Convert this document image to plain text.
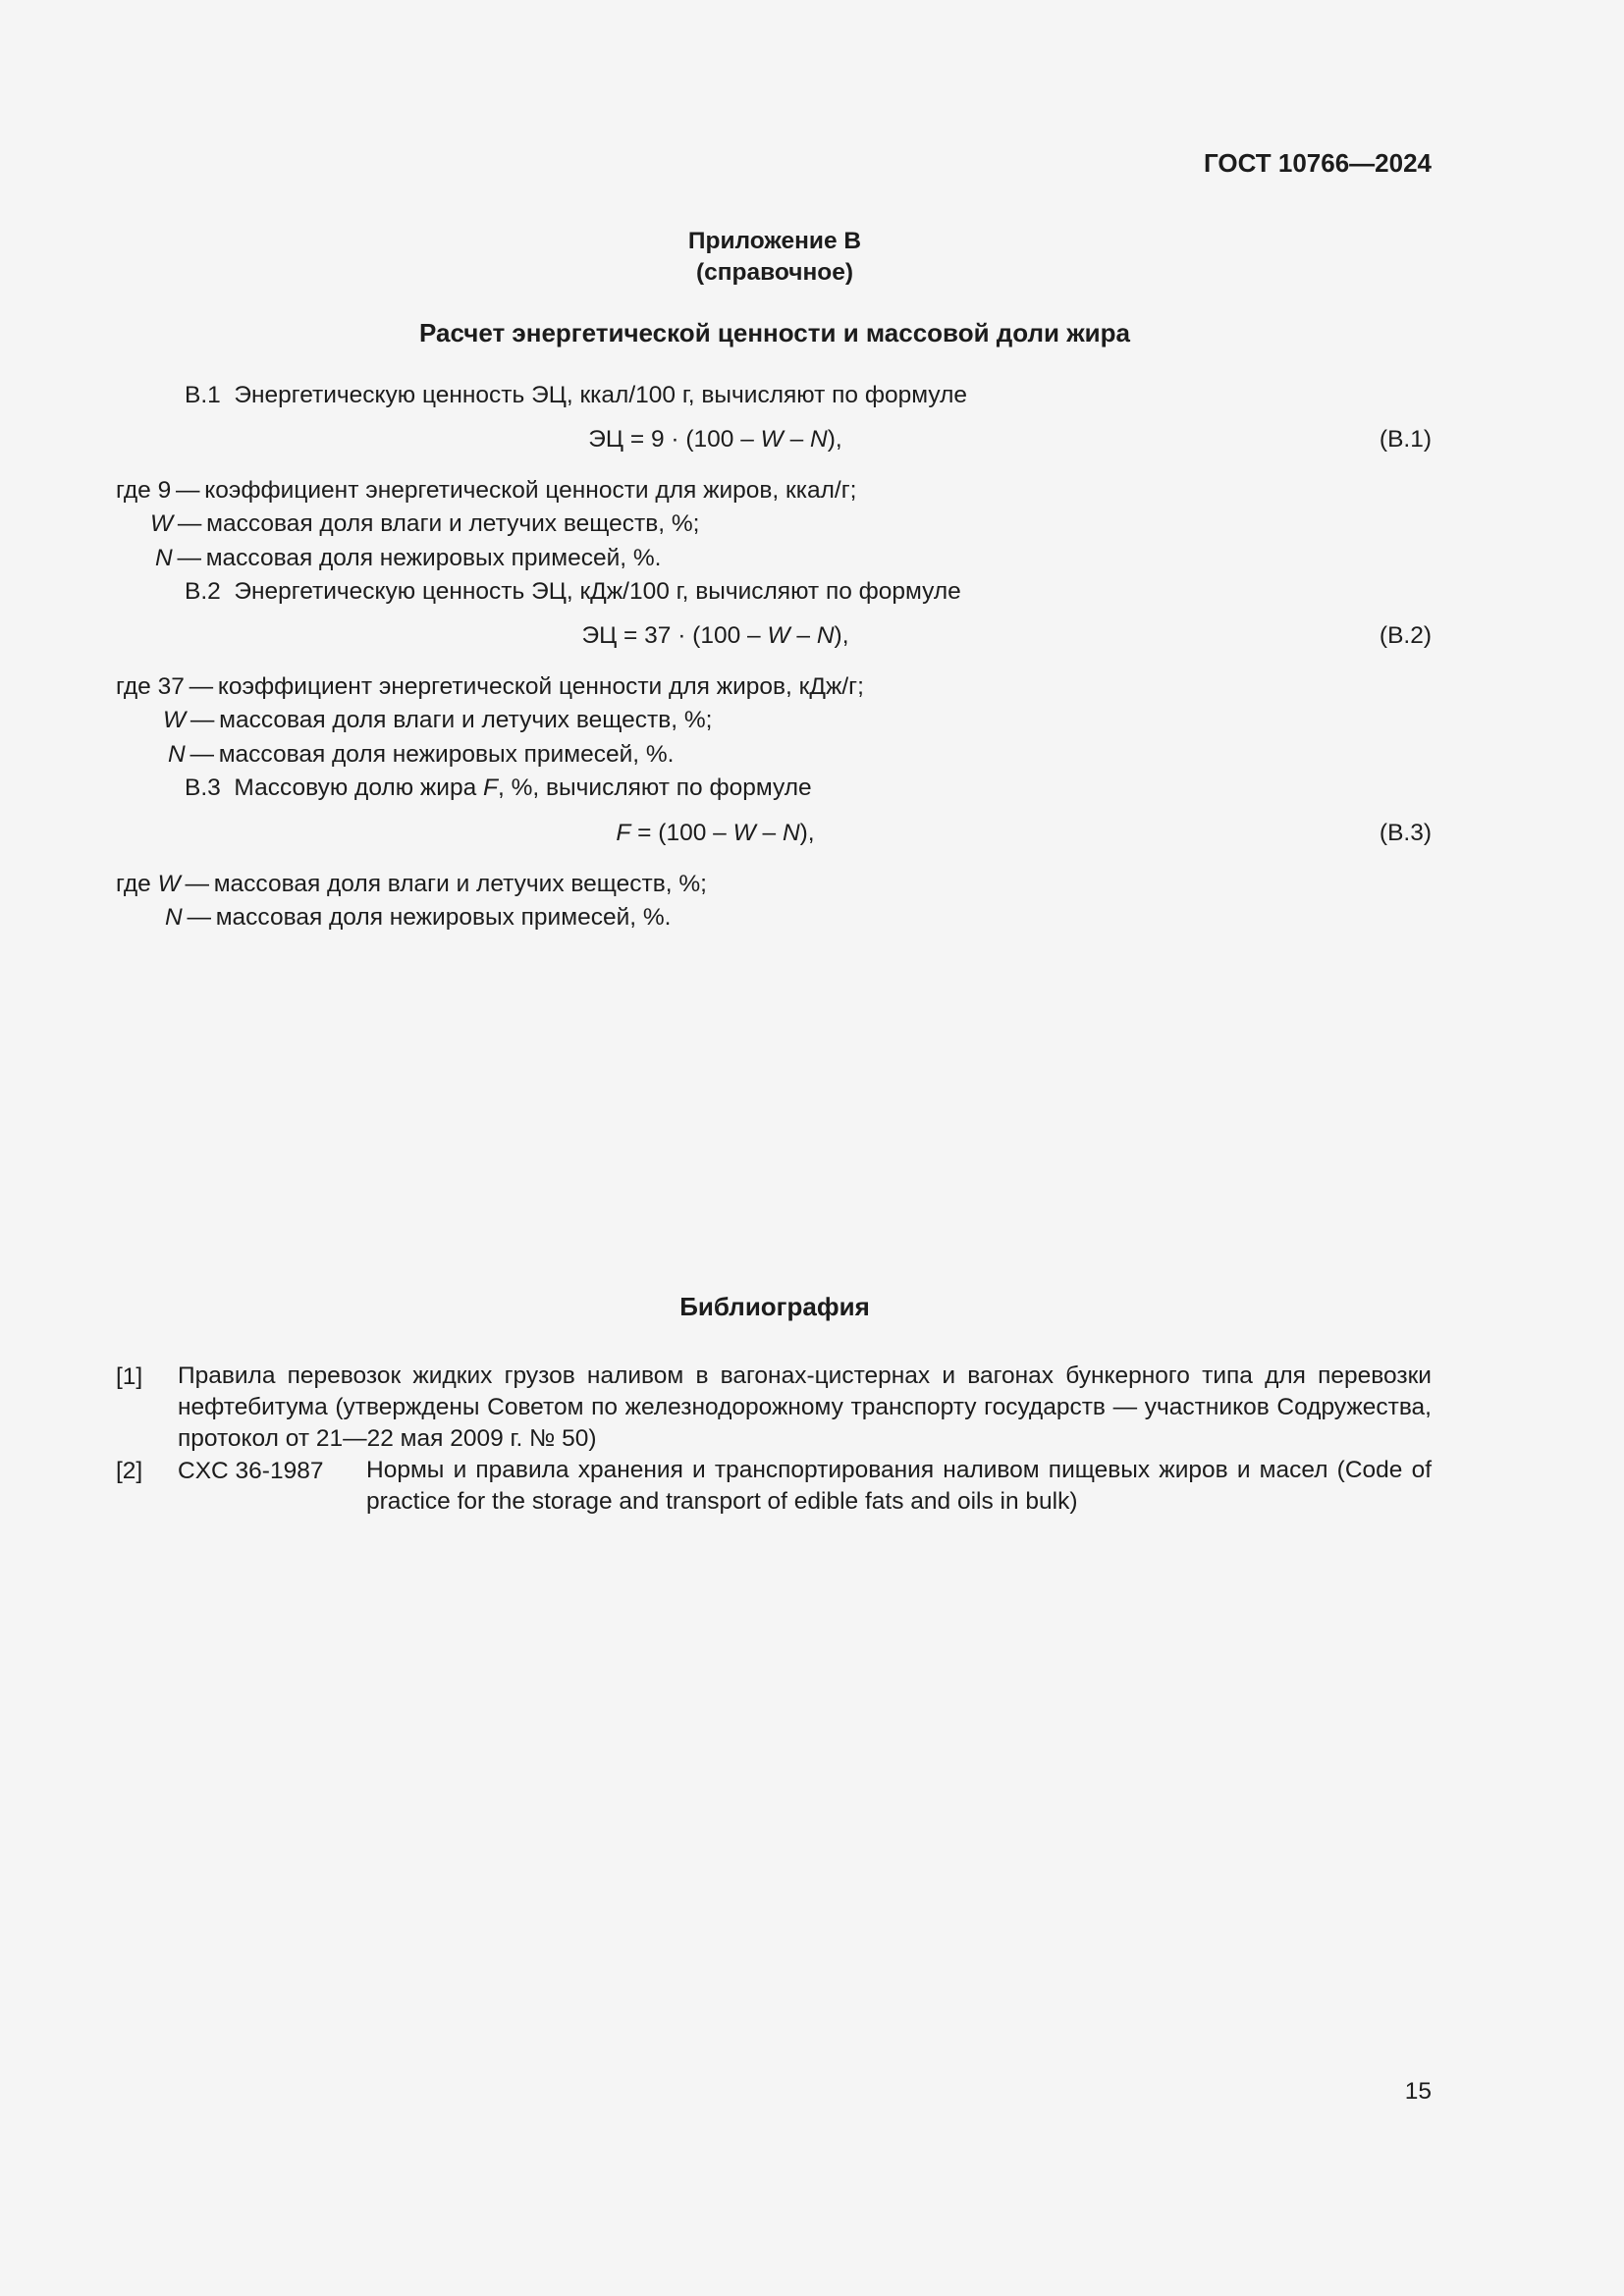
ГОСТ 10766—2024
Приложение В
(справочное)
Расчет энергетической ценности и массовой доли жира
В.1 Энергетическую ценность ЭЦ, ккал/100 г, вычисляют по формуле
ЭЦ = 9 · (100 – W – N),	(В.1)
где 9 — коэффициент энергетической ценности для жиров, ккал/г;
W — массовая доля влаги и летучих веществ, %;
N — массовая доля нежировых примесей, %.
В.2 Энергетическую ценность ЭЦ, кДж/100 г, вычисляют по формуле
ЭЦ = 37 · (100 – W – N),	(В.2)
где 37 — коэффициент энергетической ценности для жиров, кДж/г;
W — массовая доля влаги и летучих веществ, %;
N — массовая доля нежировых примесей, %.
В.3 Массовую долю жира F, %, вычисляют по формуле
F = (100 – W – N),	(В.3)
где W — массовая доля влаги и летучих веществ, %;
N — массовая доля нежировых примесей, %.
Библиография
[1] Правила перевозок жидких грузов наливом в вагонах-цистернах и вагонах бункерного типа для перевозки нефтебитума (утверждены Советом по железнодорожному транспорту государств — участников Содружества, протокол от 21—22 мая 2009 г. № 50)
[2] CXC 36-1987 Нормы и правила хранения и транспортирования наливом пищевых жиров и масел (Code of practice for the storage and transport of edible fats and oils in bulk)
15
